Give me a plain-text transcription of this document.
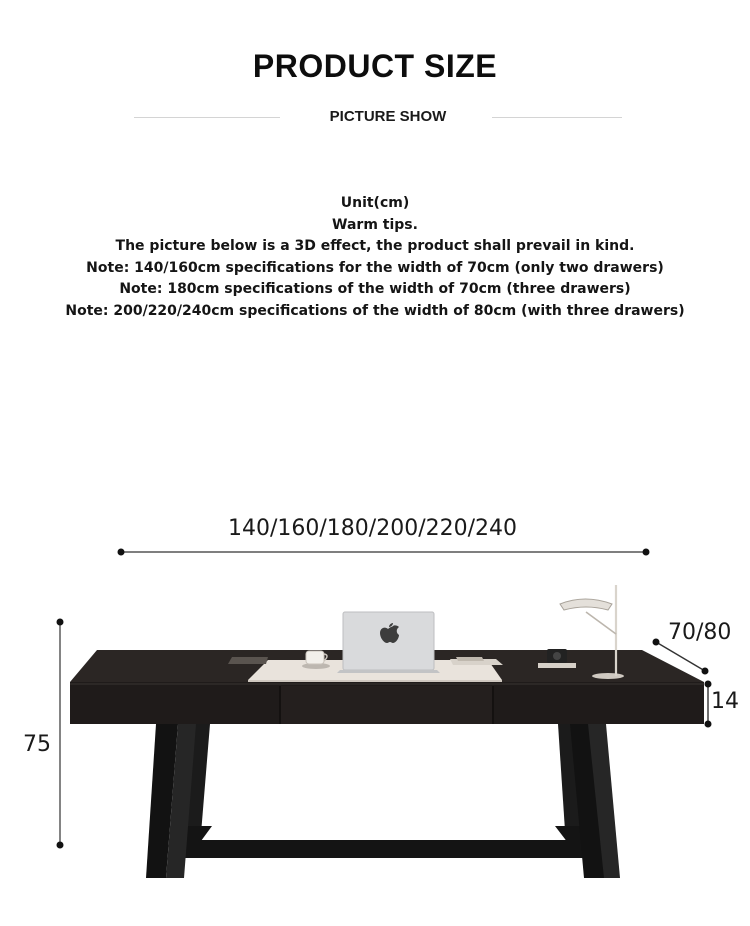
PRODUCT SIZE
PICTURE SHOW
Unit(cm)
Warm tips.
The picture below is a 3D effect, the product shall prevail in kind.
Note: 140/160cm specifications for the width of 70cm (only two drawers)
Note: 180cm specifications of the width of 70cm (three drawers)
Note: 200/220/240cm specifications of the width of 80cm (with three drawers)
140/160/180/200/220/240
70/80
14
75
